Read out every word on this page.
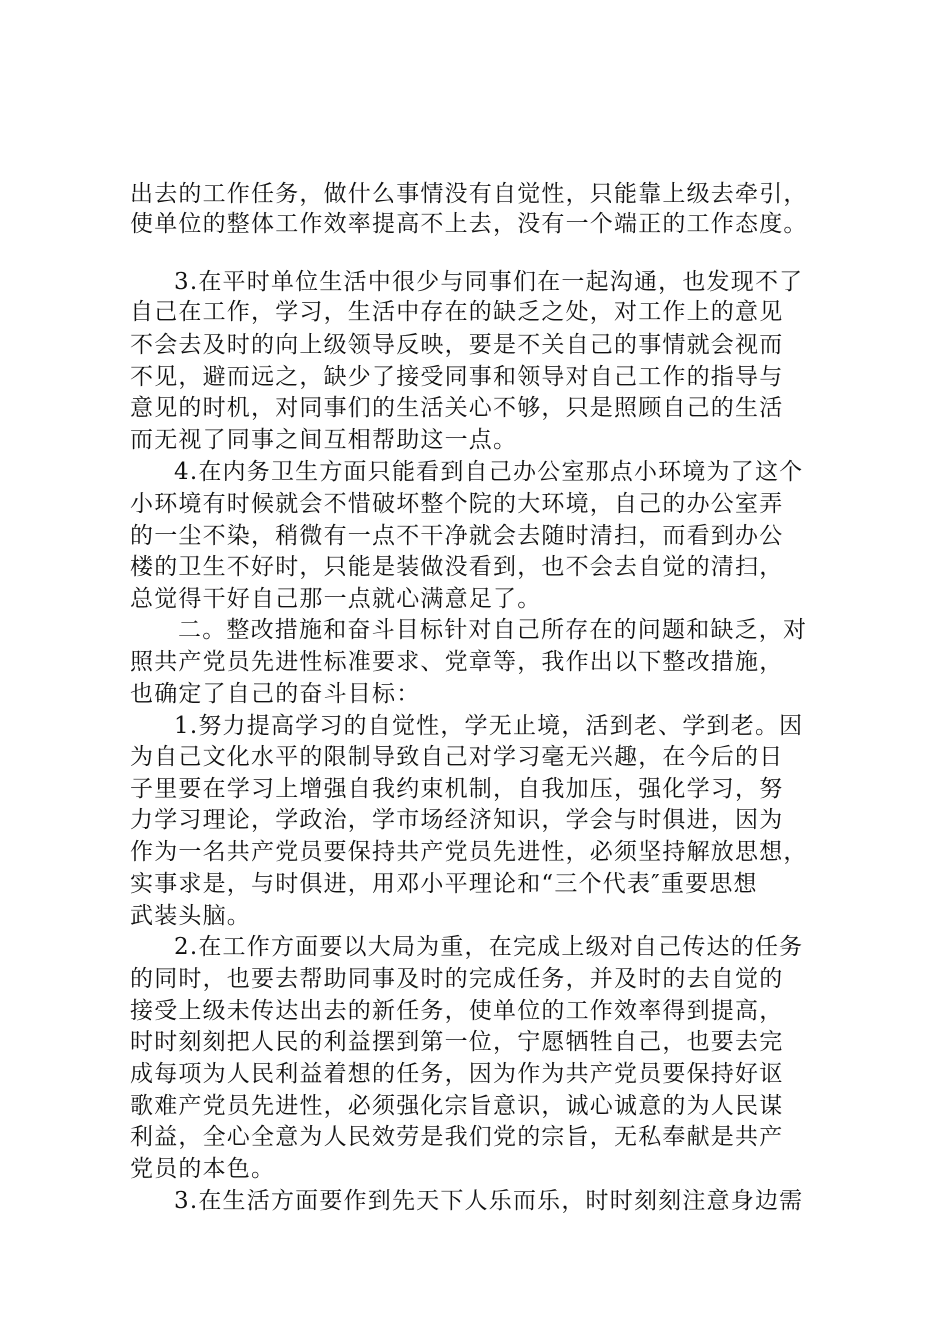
出去的工作任务，做什么事情没有自觉性，只能靠上级去牵引，
使单位的整体工作效率提高不上去，没有一个端正的工作态度。
3.在平时单位生活中很少与同事们在一起沟通，也发现不了
自己在工作，学习，生活中存在的缺乏之处，对工作上的意见
不会去及时的向上级领导反映，要是不关自己的事情就会视而
不见，避而远之，缺少了接受同事和领导对自己工作的指导与
意见的时机，对同事们的生活关心不够，只是照顾自己的生活
而无视了同事之间互相帮助这一点。
4.在内务卫生方面只能看到自己办公室那点小环境为了这个
小环境有时候就会不惜破坏整个院的大环境，自己的办公室弄
的一尘不染，稍微有一点不干净就会去随时清扫，而看到办公
楼的卫生不好时，只能是装做没看到，也不会去自觉的清扫，
总觉得干好自己那一点就心满意足了。
二。整改措施和奋斗目标针对自己所存在的问题和缺乏，对
照共产党员先进性标准要求、党章等，我作出以下整改措施，
也确定了自己的奋斗目标：
1.努力提高学习的自觉性，学无止境，活到老、学到老。因
为自己文化水平的限制导致自己对学习毫无兴趣，在今后的日
子里要在学习上增强自我约束机制，自我加压，强化学习，努
力学习理论，学政治，学市场经济知识，学会与时俱进，因为
作为一名共产党员要保持共产党员先进性，必须坚持解放思想，
实事求是，与时俱进，用邓小平理论和“三个代表″重要思想
武装头脑。
2.在工作方面要以大局为重，在完成上级对自己传达的任务
的同时，也要去帮助同事及时的完成任务，并及时的去自觉的
接受上级未传达出去的新任务，使单位的工作效率得到提高，
时时刻刻把人民的利益摆到第一位，宁愿牺牲自己，也要去完
成每项为人民利益着想的任务，因为作为共产党员要保持好讴
歌难产党员先进性，必须强化宗旨意识，诚心诚意的为人民谋
利益，全心全意为人民效劳是我们党的宗旨，无私奉献是共产
党员的本色。
3.在生活方面要作到先天下人乐而乐，时时刻刻注意身边需
